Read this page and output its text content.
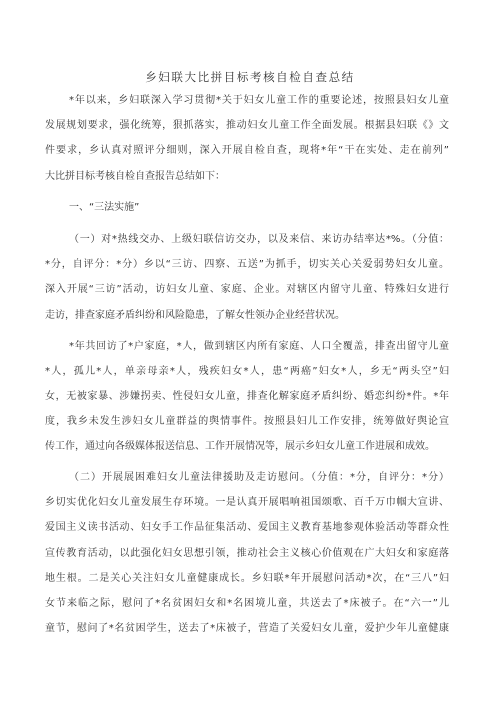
乡妇联大比拼目标考核自检自查总结
*年以来，乡妇联深入学习贯彻*关于妇女儿童工作的重要论述，按照县妇女儿童
发展规划要求，强化统筹，狠抓落实，推动妇女儿童工作全面发展。根据县妇联《》文
件要求，乡认真对照评分细则，深入开展自检自查，现将*年“干在实处、走在前列”
大比拼目标考核自检自查报告总结如下：
一、“三法实施”
（一）对*热线交办、上级妇联信访交办，以及来信、来访办结率达*%。（分值：
*分，自评分：*分）乡以“三访、四察、五送”为抓手，切实关心关爱弱势妇女儿童。
深入开展“三访”活动，访妇女儿童、家庭、企业。对辖区内留守儿童、特殊妇女进行
走访，排查家庭矛盾纠纷和风险隐患，了解女性领办企业经营状况。
*年共回访了*户家庭，*人，做到辖区内所有家庭、人口全覆盖，排查出留守儿童
*人，孤儿*人，单亲母亲*人，残疾妇女*人，患“两癌”妇女*人，乡无“两头空”妇
女，无被家暴、涉嫌拐卖、性侵妇女儿童，排查化解家庭矛盾纠纷、婚恋纠纷*件。*年
度，我乡未发生涉妇女儿童群益的舆情事件。按照县妇儿工作安排，统筹做好舆论宣
传工作，通过向各级媒体报送信息、工作开展情况等，展示乡妇女儿童工作进展和成效。
（二）开展展困难妇女儿童法律援助及走访慰问。（分值：*分，自评分：*分）
乡切实优化妇女儿童发展生存环境。一是认真开展唱响祖国颂歌、百千万巾帼大宣讲、
爱国主义读书活动、妇女手工作品征集活动、爱国主义教育基地参观体验活动等群众性
宣传教育活动，以此强化妇女思想引领，推动社会主义核心价值观在广大妇女和家庭落
地生根。二是关心关注妇女儿童健康成长。乡妇联*年开展慰问活动*次，在“三八”妇
女节来临之际，慰问了*名贫困妇女和*名困境儿童，共送去了*床被子。在“六一”儿
童节，慰问了*名贫困学生，送去了*床被子，营造了关爱妇女儿童，爱护少年儿童健康
